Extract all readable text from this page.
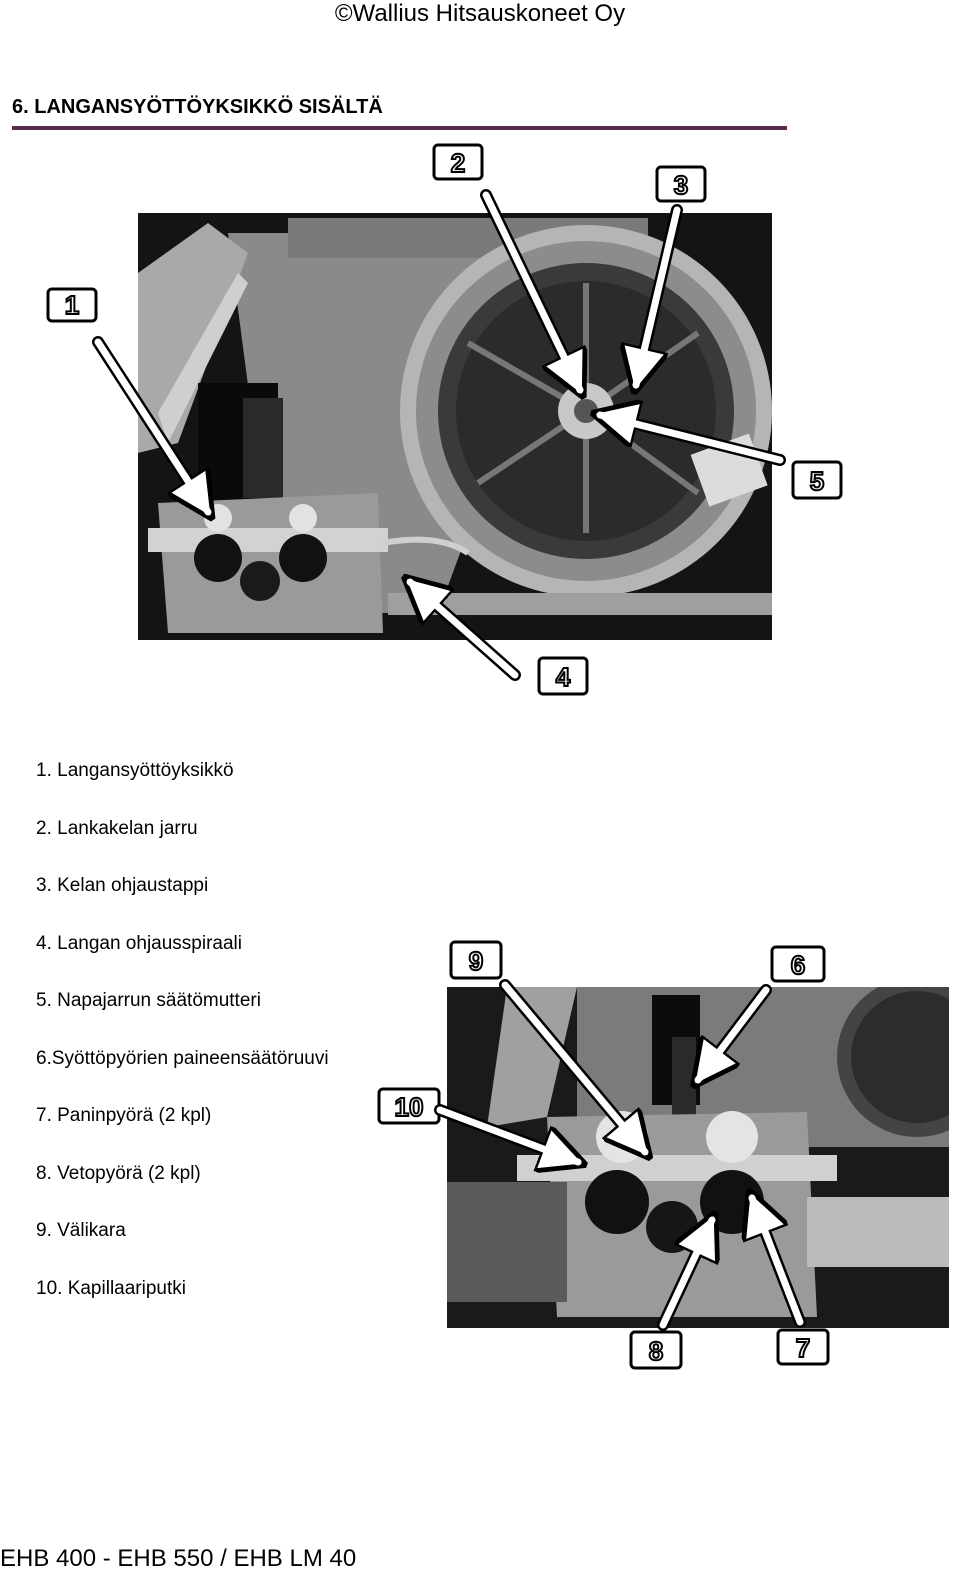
©Wallius Hitsauskoneet Oy
6. LANGANSYÖTTÖYKSIKKÖ SISÄLTÄ
1
2
3
5
4
9	6
10
8	7
1. Langansyöttöyksikkö
2. Lankakelan jarru
3. Kelan ohjaustappi
4. Langan ohjausspiraali
5. Napajarrun säätömutteri
6.Syöttöpyörien paineensäätöruuvi
7. Paninpyörä (2 kpl)
8. Vetopyörä (2 kpl)
9. Välikara
10. Kapillaariputki
EHB 400 - EHB 550 / EHB LM 40
